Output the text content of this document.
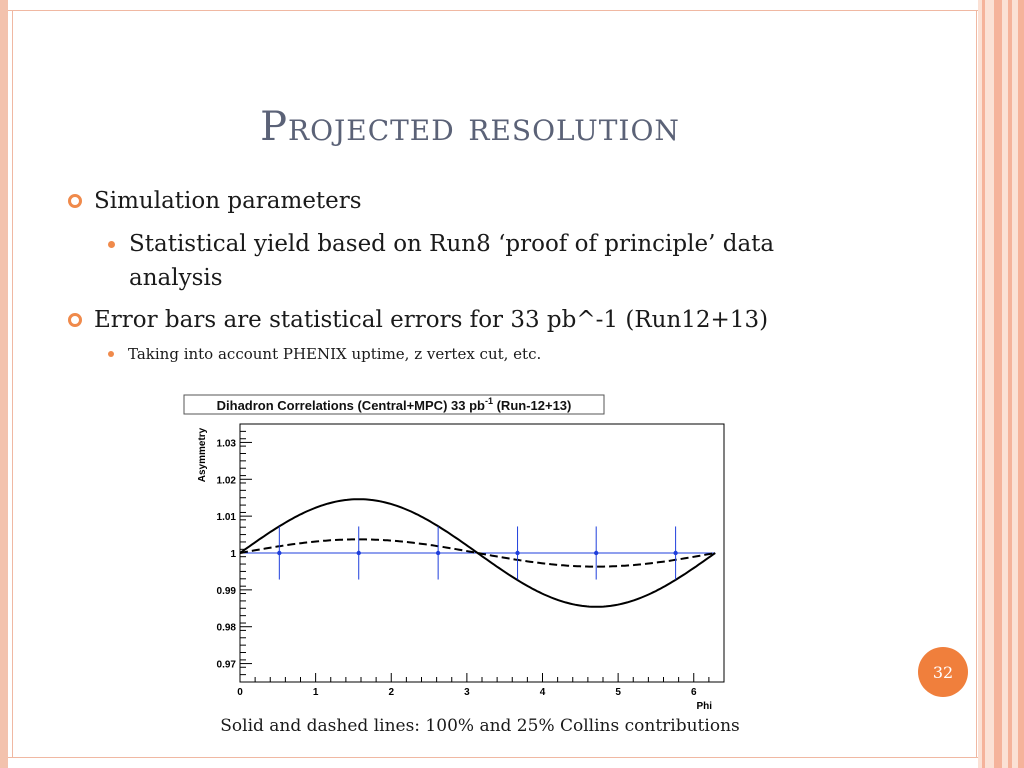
Projected resolution
Simulation parameters
Statistical yield based on Run8 ‘proof of principle’ data analysis
Error bars are statistical errors for 33 pb^-1 (Run12+13)
Taking into account PHENIX uptime, z vertex cut, etc.
Dihadron Correlations (Central+MPC) 33 $pb^{-1}$ (Run-12+13)
Asymmetry
Phi
0	1	2	3	4	5	6
1.03
1.02
1.01
1
0.99
0.98
0.97
Solid and dashed lines: 100% and 25% Collins contributions
32
